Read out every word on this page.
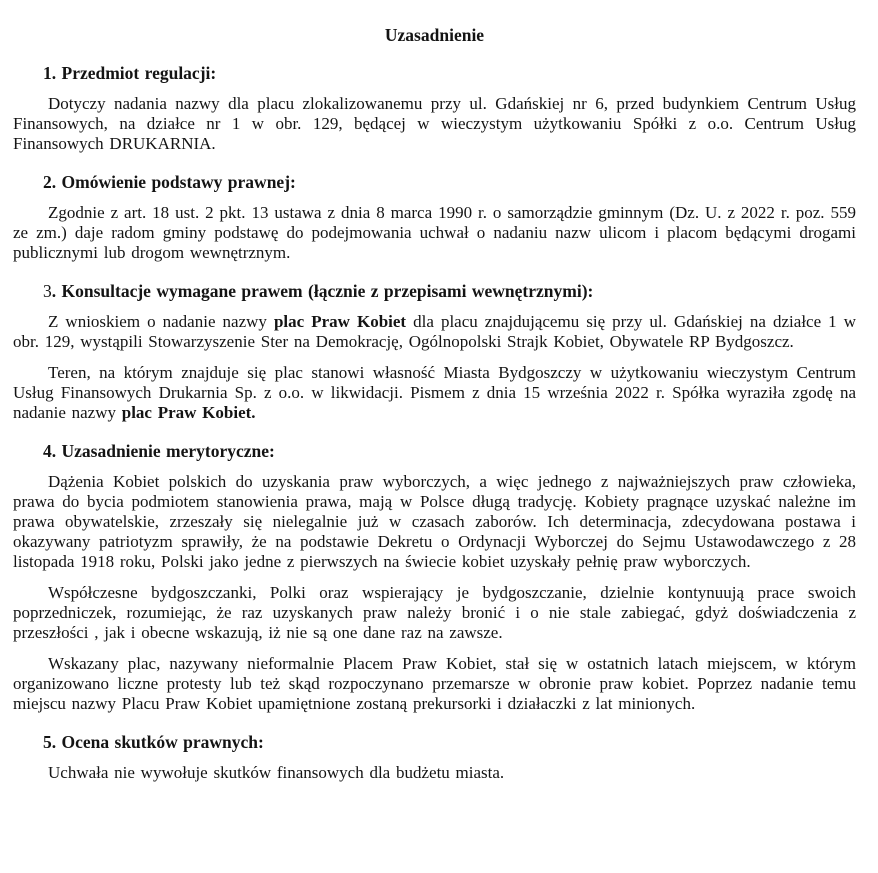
Uzasadnienie
1. Przedmiot regulacji:

Dotyczy nadania nazwy dla placu zlokalizowanemu przy ul. Gdańskiej nr 6, przed budynkiem Centrum Usług Finansowych, na działce nr 1 w obr. 129, będącej w wieczystym użytkowaniu Spółki z o.o. Centrum Usług Finansowych DRUKARNIA.

2. Omówienie podstawy prawnej:

Zgodnie z art. 18 ust. 2 pkt. 13 ustawa z dnia 8 marca 1990 r. o samorządzie gminnym (Dz. U. z 2022 r. poz. 559 ze zm.) daje radom gminy podstawę do podejmowania uchwał o nadaniu nazw ulicom i placom będącymi drogami publicznymi lub drogom wewnętrznym.

3. Konsultacje wymagane prawem (łącznie z przepisami wewnętrznymi):

Z wnioskiem o nadanie nazwy plac Praw Kobiet dla placu znajdującemu się przy ul. Gdańskiej na działce 1 w obr. 129, wystąpili Stowarzyszenie Ster na Demokrację, Ogólnopolski Strajk Kobiet, Obywatele RP Bydgoszcz.

Teren, na którym znajduje się plac stanowi własność Miasta Bydgoszczy w użytkowaniu wieczystym Centrum Usług Finansowych Drukarnia Sp. z o.o. w likwidacji. Pismem z dnia 15 września 2022 r. Spółka wyraziła zgodę na nadanie nazwy plac Praw Kobiet.

4. Uzasadnienie merytoryczne:

Dążenia Kobiet polskich do uzyskania praw wyborczych, a więc jednego z najważniejszych praw człowieka, prawa do bycia podmiotem stanowienia prawa, mają w Polsce długą tradycję. Kobiety pragnące uzyskać należne im prawa obywatelskie, zrzeszały się nielegalnie już w czasach zaborów. Ich determinacja, zdecydowana postawa i okazywany patriotyzm sprawiły, że na podstawie Dekretu o Ordynacji Wyborczej do Sejmu Ustawodawczego z 28 listopada 1918 roku, Polski jako jedne z pierwszych na świecie kobiet uzyskały pełnię praw wyborczych.

Współczesne bydgoszczanki, Polki oraz wspierający je bydgoszczanie, dzielnie kontynuują prace swoich poprzedniczek, rozumiejąc, że raz uzyskanych praw należy bronić i o nie stale zabiegać, gdyż doświadczenia z przeszłości , jak i obecne wskazują, iż nie są one dane raz na zawsze.

Wskazany plac, nazywany nieformalnie Placem Praw Kobiet, stał się w ostatnich latach miejscem, w którym organizowano liczne protesty lub też skąd rozpoczynano przemarsze w obronie praw kobiet. Poprzez nadanie temu miejscu nazwy Placu Praw Kobiet upamiętnione zostaną prekursorki i działaczki z lat minionych.

5. Ocena skutków prawnych:

Uchwała nie wywołuje skutków finansowych dla budżetu miasta.
